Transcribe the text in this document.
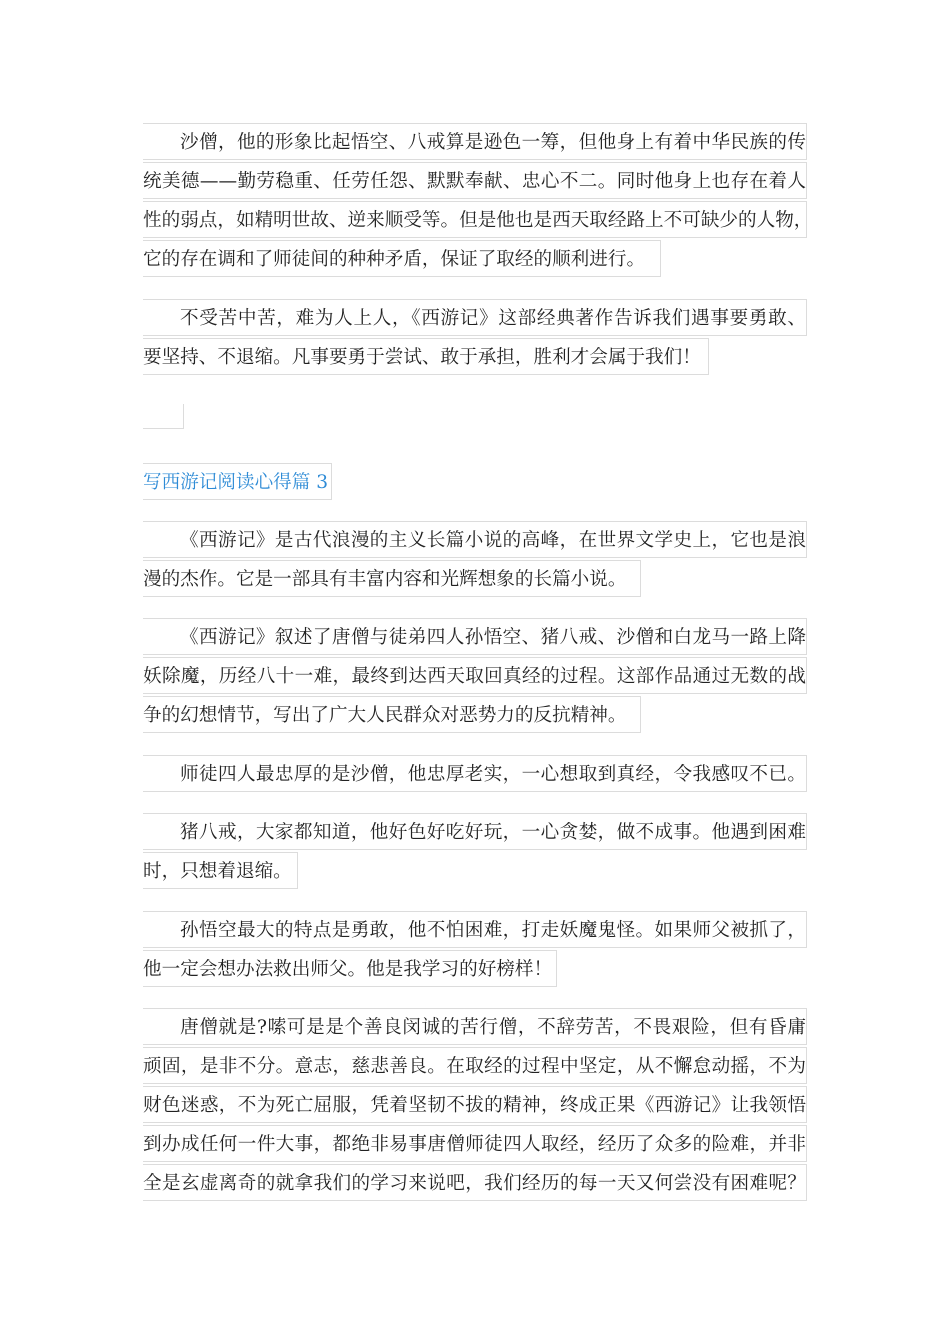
沙僧，他的形象比起悟空、八戒算是逊色一筹，但他身上有着中华民族的传
统美德——勤劳稳重、任劳任怨、默默奉献、忠心不二。同时他身上也存在着人
性的弱点，如精明世故、逆来顺受等。但是他也是西天取经路上不可缺少的人物，
它的存在调和了师徒间的种种矛盾，保证了取经的顺利进行。
不受苦中苦，难为人上人，《西游记》这部经典著作告诉我们遇事要勇敢、
要坚持、不退缩。凡事要勇于尝试、敢于承担，胜利才会属于我们！
写西游记阅读心得篇 3
《西游记》是古代浪漫的主义长篇小说的高峰，在世界文学史上，它也是浪
漫的杰作。它是一部具有丰富内容和光辉想象的长篇小说。
《西游记》叙述了唐僧与徒弟四人孙悟空、猪八戒、沙僧和白龙马一路上降
妖除魔，历经八十一难，最终到达西天取回真经的过程。这部作品通过无数的战
争的幻想情节，写出了广大人民群众对恶势力的反抗精神。
师徒四人最忠厚的是沙僧，他忠厚老实，一心想取到真经，令我感叹不已。
猪八戒，大家都知道，他好色好吃好玩，一心贪婪，做不成事。他遇到困难
时，只想着退缩。
孙悟空最大的特点是勇敢，他不怕困难，打走妖魔鬼怪。如果师父被抓了，
他一定会想办法救出师父。他是我学习的好榜样！
唐僧就是?嗦可是是个善良闵诚的苦行僧，不辞劳苦，不畏艰险，但有昏庸
顽固，是非不分。意志，慈悲善良。在取经的过程中坚定，从不懈怠动摇，不为
财色迷惑，不为死亡屈服，凭着坚韧不拔的精神，终成正果《西游记》让我领悟
到办成任何一件大事，都绝非易事唐僧师徒四人取经，经历了众多的险难，并非
全是玄虚离奇的就拿我们的学习来说吧，我们经历的每一天又何尝没有困难呢？
